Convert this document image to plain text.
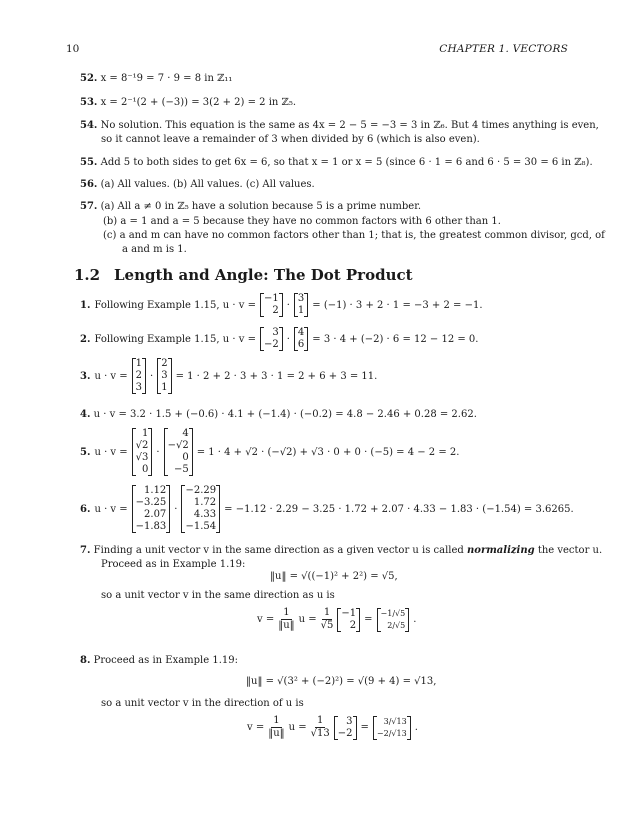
10	CHAPTER 1. VECTORS
52. x = 8⁻¹9 = 7 · 9 = 8 in ℤ₁₁
53. x = 2⁻¹(2 + (−3)) = 3(2 + 2) = 2 in ℤ₅.
54. No solution. This equation is the same as 4x = 2 − 5 = −3 = 3 in ℤ₆. But 4 times anything is even,
so it cannot leave a remainder of 3 when divided by 6 (which is also even).
55. Add 5 to both sides to get 6x = 6, so that x = 1 or x = 5 (since 6 · 1 = 6 and 6 · 5 = 30 = 6 in ℤ₈).
56. (a) All values. (b) All values. (c) All values.
57. (a) All a ≠ 0 in ℤ₅ have a solution because 5 is a prime number.
(b) a = 1 and a = 5 because they have no common factors with 6 other than 1.
(c) a and m can have no common factors other than 1; that is, the greatest common divisor, gcd, of
a and m is 1.
1.2 Length and Angle: The Dot Product
1. Following Example 1.15, u · v =
−1
2 ·
3
1 = (−1) · 3 + 2 · 1 = −3 + 2 = −1.
2. Following Example 1.15, u · v =
3
−2 ·
4
6 = 3 · 4 + (−2) · 6 = 12 − 12 = 0.
3. u · v =
1
2
3
·
2
3
1
= 1 · 2 + 2 · 3 + 3 · 1 = 2 + 6 + 3 = 11.
4. u · v = 3.2 · 1.5 + (−0.6) · 4.1 + (−1.4) · (−0.2) = 4.8 − 2.46 + 0.28 = 2.62.
5. u · v =
1
√2
√3
0
·
4
−√2
0
−5
= 1 · 4 + √2 · (−√2) + √3 · 0 + 0 · (−5) = 4 − 2 = 2.
6. u · v =
1.12
−3.25
2.07
−1.83
·
−2.29
1.72
4.33
−1.54
= −1.12 · 2.29 − 3.25 · 1.72 + 2.07 · 4.33 − 1.83 · (−1.54) = 3.6265.
7. Finding a unit vector v in the same direction as a given vector u is called normalizing the vector u.
Proceed as in Example 1.19:
‖u‖ = √((−1)² + 2²) = √5,
so a unit vector v in the same direction as u is
$v = \frac{1}{‖u‖}$ $u = \frac{1}{√5} -1$
2 =
−1/√5
2/√5 .
8. Proceed as in Example 1.19:
‖u‖ = √(3² + (−2)²) = √(9 + 4) = √13,
so a unit vector v in the direction of u is
$v = \frac{1}{‖u‖}$ $u = \frac{1}{√13}$	3
−2 =
3/√13
−2/√13 .
